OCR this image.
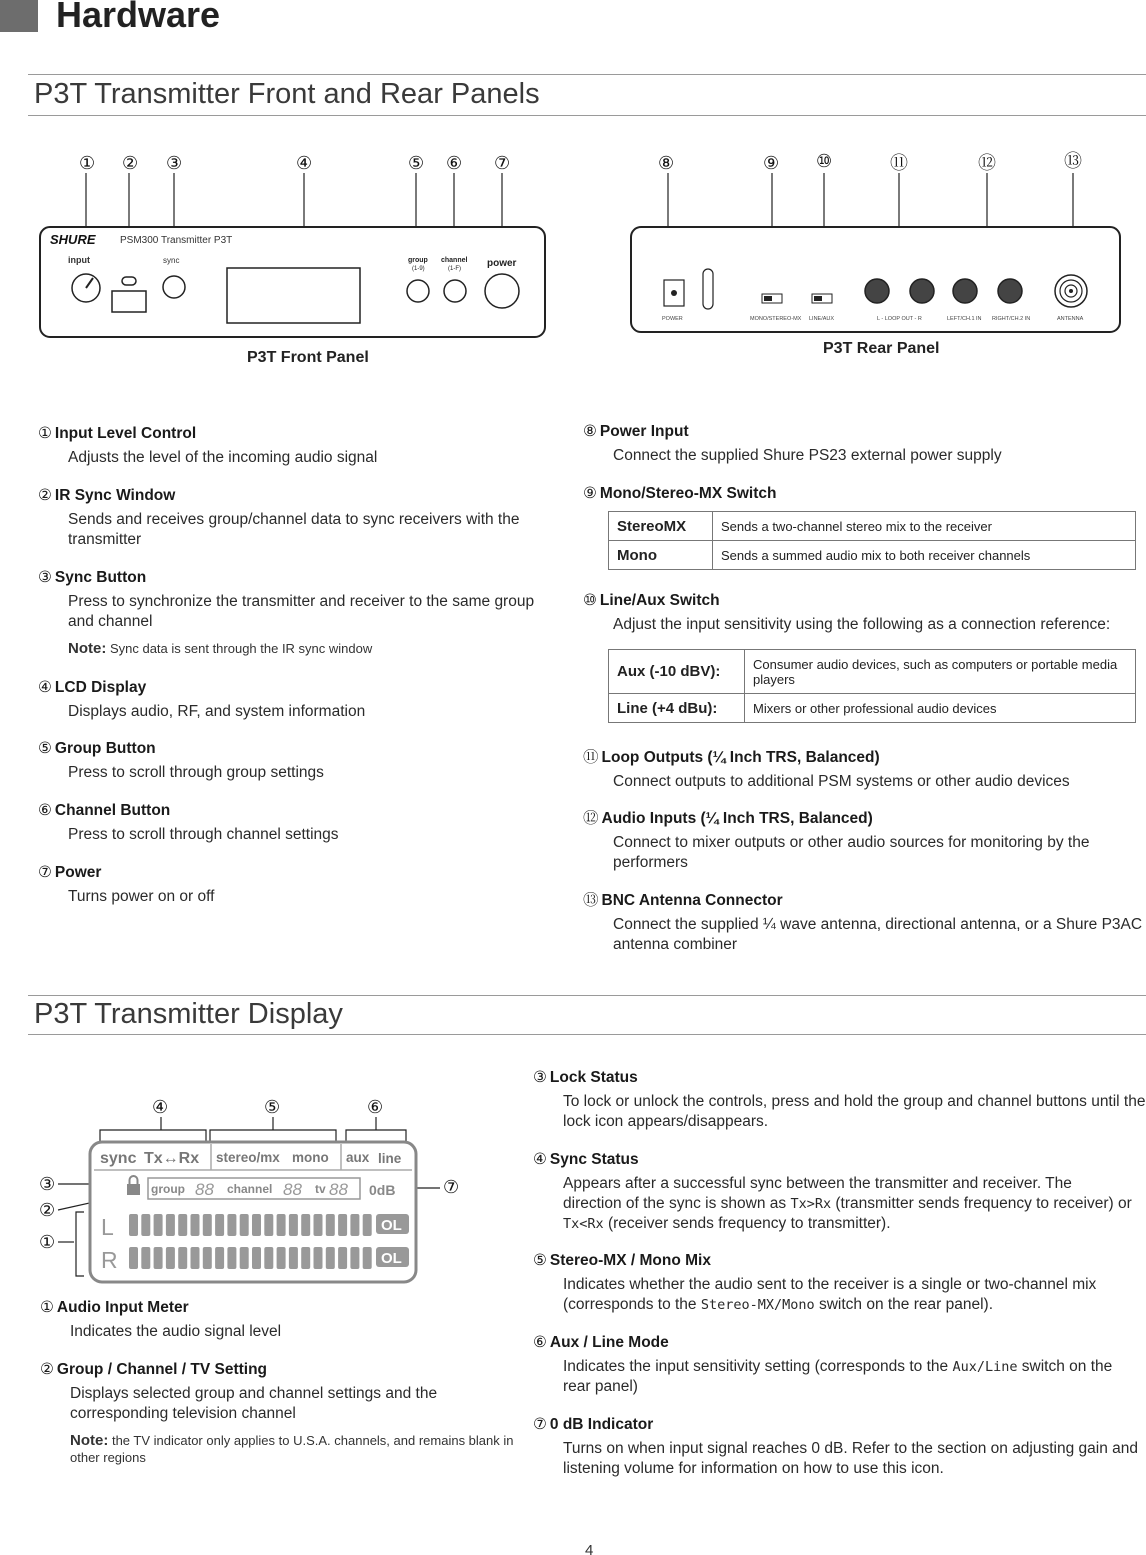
Hardware
P3T Transmitter Front and Rear Panels
① ② ③	④	⑤ ⑥ ⑦
SHURE PSM300 Transmitter P3T
input	sync	group
(1-9)
channel
(1-F)	power
P3T Front Panel
⑧	⑨ ⑩	⑪	⑫	⑬
POWER	MONO/STEREO-MX LINE/AUX	L - LOOP OUT - R	LEFT/CH.1 IN RIGHT/CH.2 IN	ANTENNA
P3T Rear Panel
① Input Level Control
Adjusts the level of the incoming audio signal
② IR Sync Window
Sends and receives group/channel data to sync receivers with the transmitter
③ Sync Button
Press to synchronize the transmitter and receiver to the same group and channel
Note: Sync data is sent through the IR sync window
④ LCD Display
Displays audio, RF, and system information
⑤ Group Button
Press to scroll through group settings
⑥ Channel Button
Press to scroll through channel settings
⑦ Power
Turns power on or off
⑧ Power Input
Connect the supplied Shure PS23 external power supply
⑨ Mono/Stereo-MX Switch
StereoMX	Sends a two-channel stereo mix to the receiver
Mono	Sends a summed audio mix to both receiver channels
⑩ Line/Aux Switch
Adjust the input sensitivity using the following as a connection reference:
Aux (-10 dBV):	Consumer audio devices, such as computers or portable media players
Line (+4 dBu):	Mixers or other professional audio devices
⑪ Loop Outputs (¼ Inch TRS, Balanced)
Connect outputs to additional PSM systems or other audio devices
⑫ Audio Inputs (¼ Inch TRS, Balanced)
Connect to mixer outputs or other audio sources for monitoring by the performers
⑬ BNC Antenna Connector
Connect the supplied ¼ wave antenna, directional antenna, or a Shure P3AC antenna combiner
P3T Transmitter Display
④	⑤	⑥
③
②
①
⑦
sync Tx↔Rx stereo/mx mono aux line
group 88 channel 88 tv 88 0dB
L
R
OL
OL
① Audio Input Meter
Indicates the audio signal level
② Group / Channel / TV Setting
Displays selected group and channel settings and the corresponding television channel
Note: the TV indicator only applies to U.S.A. channels, and remains blank in other regions
③ Lock Status
To lock or unlock the controls, press and hold the group and channel buttons until the lock icon appears/disappears.
④ Sync Status
Appears after a successful sync between the transmitter and receiver. The direction of the sync is shown as Tx>Rx (transmitter sends frequency to receiver) or Tx<Rx (receiver sends frequency to transmitter).
⑤ Stereo-MX / Mono Mix
Indicates whether the audio sent to the receiver is a single or two-channel mix (corresponds to the Stereo-MX/Mono switch on the rear panel).
⑥ Aux / Line Mode
Indicates the input sensitivity setting (corresponds to the Aux/Line switch on the rear panel)
⑦ 0 dB Indicator
Turns on when input signal reaches 0 dB. Refer to the section on adjusting gain and listening volume for information on how to use this icon.
4
